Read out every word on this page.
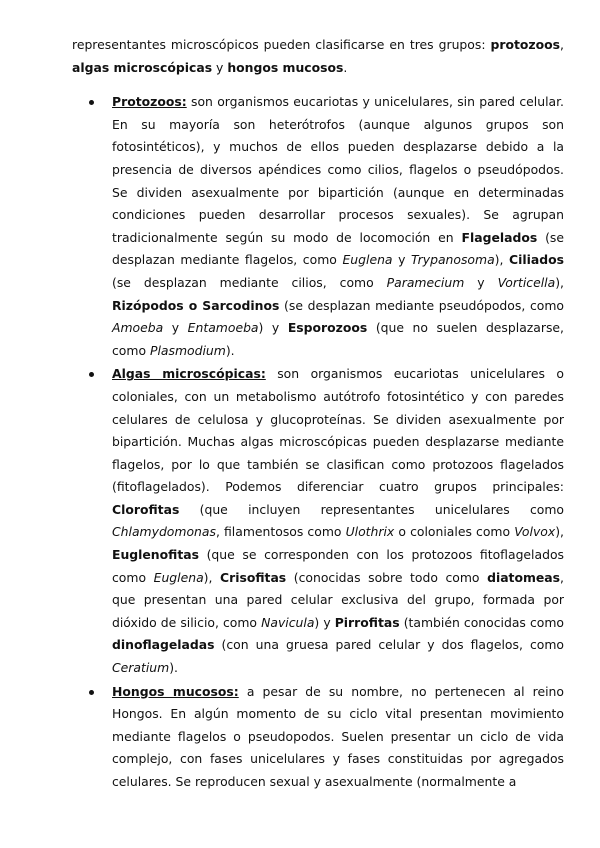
representantes microscópicos pueden clasificarse en tres grupos: protozoos, algas microscópicas y hongos mucosos.

Protozoos: son organismos eucariotas y unicelulares, sin pared celular. En su mayoría son heterótrofos (aunque algunos grupos son fotosintéticos), y muchos de ellos pueden desplazarse debido a la presencia de diversos apéndices como cilios, flagelos o pseudópodos. Se dividen asexualmente por bipartición (aunque en determinadas condiciones pueden desarrollar procesos sexuales). Se agrupan tradicionalmente según su modo de locomoción en Flagelados (se desplazan mediante flagelos, como Euglena y Trypanosoma), Ciliados (se desplazan mediante cilios, como Paramecium y Vorticella), Rizópodos o Sarcodinos (se desplazan mediante pseudópodos, como Amoeba y Entamoeba) y Esporozoos (que no suelen desplazarse, como Plasmodium).
Algas microscópicas: son organismos eucariotas unicelulares o coloniales, con un metabolismo autótrofo fotosintético y con paredes celulares de celulosa y glucoproteínas. Se dividen asexualmente por bipartición. Muchas algas microscópicas pueden desplazarse mediante flagelos, por lo que también se clasifican como protozoos flagelados (fitoflagelados). Podemos diferenciar cuatro grupos principales: Clorofitas (que incluyen representantes unicelulares como Chlamydomonas, filamentosos como Ulothrix o coloniales como Volvox), Euglenofitas (que se corresponden con los protozoos fitoflagelados como Euglena), Crisofitas (conocidas sobre todo como diatomeas, que presentan una pared celular exclusiva del grupo, formada por dióxido de silicio, como Navicula) y Pirrofitas (también conocidas como dinoflageladas (con una gruesa pared celular y dos flagelos, como Ceratium).
Hongos mucosos: a pesar de su nombre, no pertenecen al reino Hongos. En algún momento de su ciclo vital presentan movimiento mediante flagelos o pseudopodos. Suelen presentar un ciclo de vida complejo, con fases unicelulares y fases constituidas por agregados celulares. Se reproducen sexual y asexualmente (normalmente a
